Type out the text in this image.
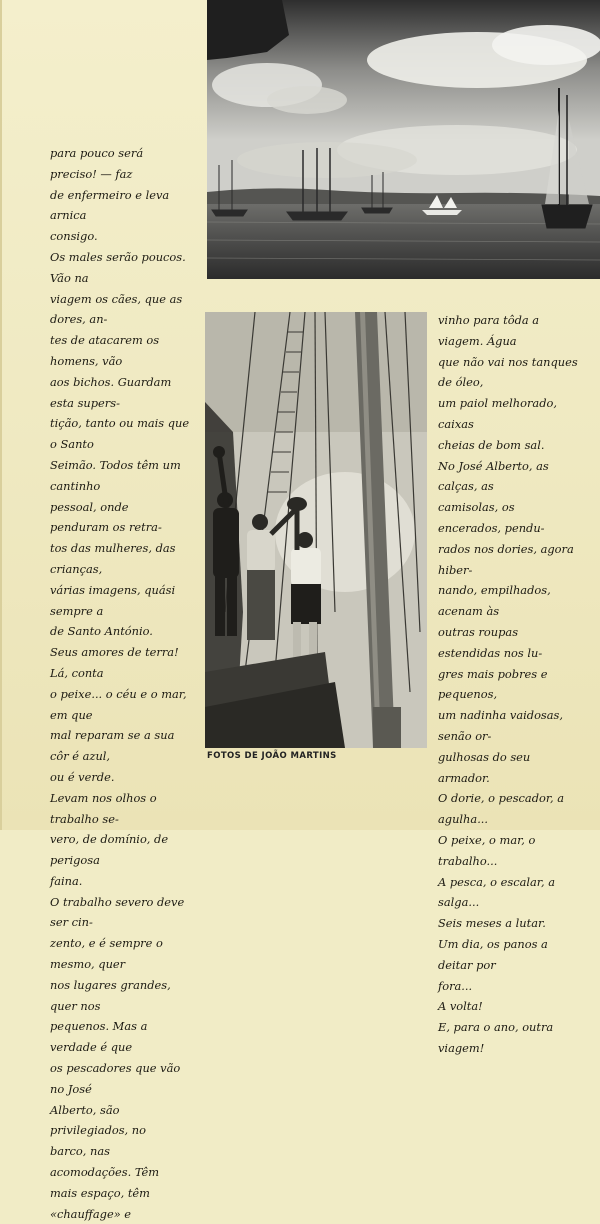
FOTOS DE JOÃO MARTINS

para pouco será preciso! — faz

de enfermeiro e leva arnica

consigo.

Os males serão poucos. Vão na

viagem os cães, que as dores, an-

tes de atacarem os homens, vão

aos bichos. Guardam esta supers-

tição, tanto ou mais que o Santo

Seimão. Todos têm um cantinho

pessoal, onde penduram os retra-

tos das mulheres, das crianças,

várias imagens, quási sempre a

de Santo António.

Seus amores de terra! Lá, conta

o peixe... o céu e o mar, em que

mal reparam se a sua côr é azul,

ou é verde.

Levam nos olhos o trabalho se-

vero, de domínio, de perigosa

faina.

O trabalho severo deve ser cin-

zento, e é sempre o mesmo, quer

nos lugares grandes, quer nos

pequenos. Mas a verdade é que

os pescadores que vão no José

Alberto, são privilegiados, no

barco, nas acomodações. Têm

mais espaço, têm «chauffage» e

vinho para tôda a viagem. Água

que não vai nos tanques de óleo,

um paiol melhorado, caixas

cheias de bom sal.

No José Alberto, as calças, as

camisolas, os encerados, pendu-

rados nos dories, agora hiber-

nando, empilhados, acenam às

outras roupas estendidas nos lu-

gres mais pobres e pequenos,

um nadinha vaidosas, senão or-

gulhosas do seu armador.

O dorie, o pescador, a agulha...

O peixe, o mar, o trabalho...

A pesca, o escalar, a salga...

Seis meses a lutar.

Um dia, os panos a deitar por

fora...

A volta!

E, para o ano, outra viagem!
